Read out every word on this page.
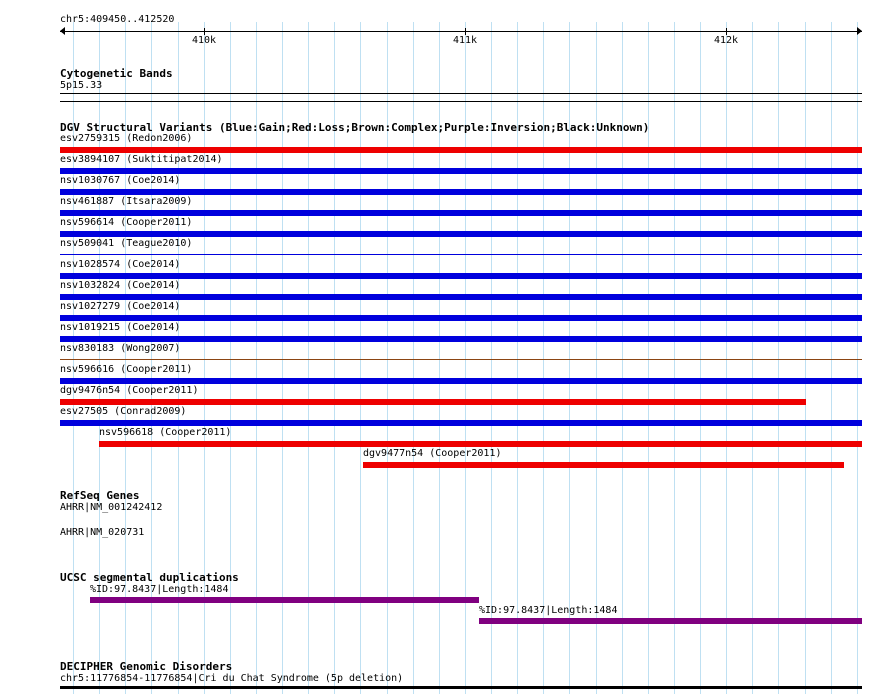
chr5:409450..412520
410k	411k	412k
Cytogenetic Bands
5p15.33
DGV Structural Variants (Blue:Gain;Red:Loss;Brown:Complex;Purple:Inversion;Black:Unknown)
esv2759315 (Redon2006)
esv3894107 (Suktitipat2014)
nsv1030767 (Coe2014)
nsv461887 (Itsara2009)
nsv596614 (Cooper2011)
nsv509041 (Teague2010)
nsv1028574 (Coe2014)
nsv1032824 (Coe2014)
nsv1027279 (Coe2014)
nsv1019215 (Coe2014)
nsv830183 (Wong2007)
nsv596616 (Cooper2011)
dgv9476n54 (Cooper2011)
esv27505 (Conrad2009)
nsv596618 (Cooper2011)
dgv9477n54 (Cooper2011)
RefSeq Genes
AHRR|NM_001242412
AHRR|NM_020731
UCSC segmental duplications
%ID:97.8437|Length:1484
%ID:97.8437|Length:1484
DECIPHER Genomic Disorders
chr5:11776854-11776854|Cri du Chat Syndrome (5p deletion)
